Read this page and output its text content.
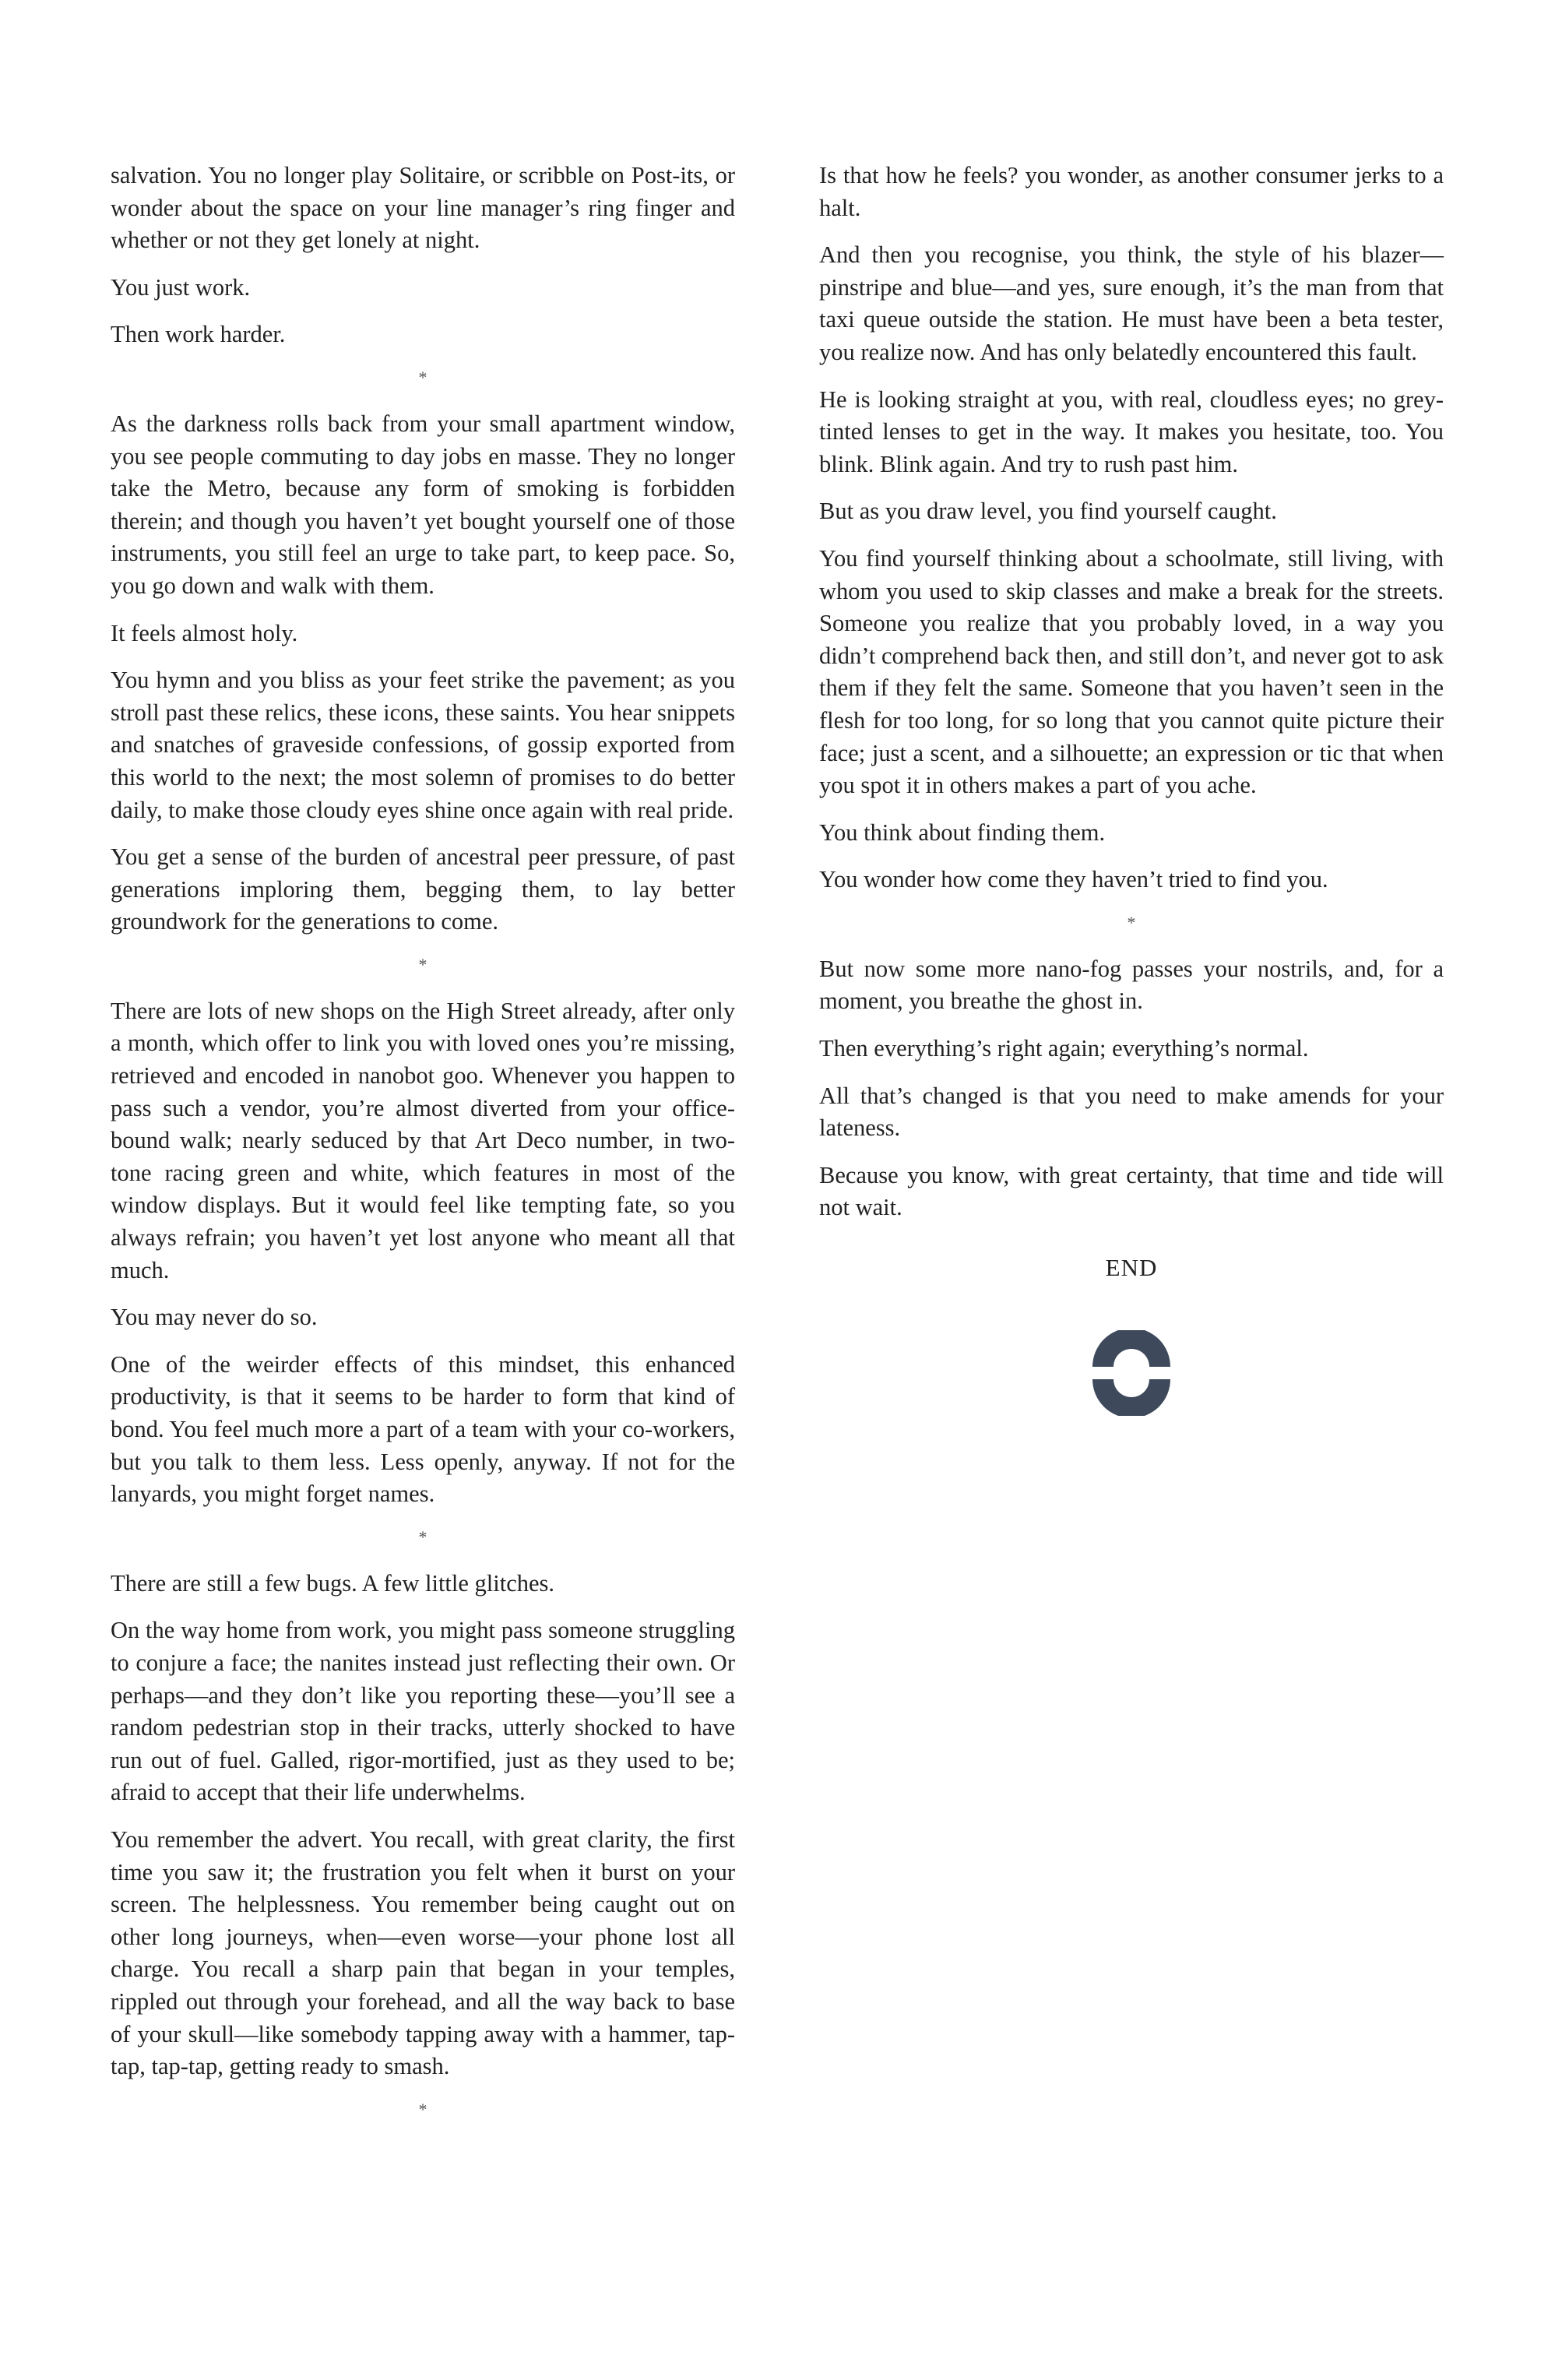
salvation. You no longer play Solitaire, or scribble on Post-its, or wonder about the space on your line manager’s ring finger and whether or not they get lonely at night.

You just work.

Then work harder.

*

As the darkness rolls back from your small apartment window, you see people commuting to day jobs en masse. They no longer take the Metro, because any form of smoking is forbidden therein; and though you haven’t yet bought yourself one of those instruments, you still feel an urge to take part, to keep pace. So, you go down and walk with them.

It feels almost holy.

You hymn and you bliss as your feet strike the pavement; as you stroll past these relics, these icons, these saints. You hear snippets and snatches of graveside confessions, of gossip exported from this world to the next; the most solemn of promises to do better daily, to make those cloudy eyes shine once again with real pride.

You get a sense of the burden of ancestral peer pressure, of past generations imploring them, begging them, to lay better groundwork for the generations to come.

*

There are lots of new shops on the High Street already, after only a month, which offer to link you with loved ones you’re missing, retrieved and encoded in nanobot goo. Whenever you happen to pass such a vendor, you’re almost diverted from your office-bound walk; nearly seduced by that Art Deco number, in two-tone racing green and white, which features in most of the window displays. But it would feel like tempting fate, so you always refrain; you haven’t yet lost anyone who meant all that much.

You may never do so.

One of the weirder effects of this mindset, this enhanced productivity, is that it seems to be harder to form that kind of bond. You feel much more a part of a team with your co-workers, but you talk to them less. Less openly, anyway. If not for the lanyards, you might forget names.

*

There are still a few bugs. A few little glitches.

On the way home from work, you might pass someone struggling to conjure a face; the nanites instead just reflecting their own. Or perhaps—and they don’t like you reporting these—you’ll see a random pedestrian stop in their tracks, utterly shocked to have run out of fuel. Galled, rigor-mortified, just as they used to be; afraid to accept that their life underwhelms.

You remember the advert. You recall, with great clarity, the first time you saw it; the frustration you felt when it burst on your screen. The helplessness. You remember being caught out on other long journeys, when—even worse—your phone lost all charge. You recall a sharp pain that began in your temples, rippled out through your forehead, and all the way back to base of your skull—like somebody tapping away with a hammer, tap-tap, tap-tap, getting ready to smash.

*

Is that how he feels? you wonder, as another consumer jerks to a halt.

And then you recognise, you think, the style of his blazer—pinstripe and blue—and yes, sure enough, it’s the man from that taxi queue outside the station. He must have been a beta tester, you realize now. And has only belatedly encountered this fault.

He is looking straight at you, with real, cloudless eyes; no grey-tinted lenses to get in the way. It makes you hesitate, too. You blink. Blink again. And try to rush past him.

But as you draw level, you find yourself caught.

You find yourself thinking about a schoolmate, still living, with whom you used to skip classes and make a break for the streets. Someone you realize that you probably loved, in a way you didn’t comprehend back then, and still don’t, and never got to ask them if they felt the same. Someone that you haven’t seen in the flesh for too long, for so long that you cannot quite picture their face; just a scent, and a silhouette; an expression or tic that when you spot it in others makes a part of you ache.

You think about finding them.

You wonder how come they haven’t tried to find you.

*

But now some more nano-fog passes your nostrils, and, for a moment, you breathe the ghost in.

Then everything’s right again; everything’s normal.

All that’s changed is that you need to make amends for your lateness.

Because you know, with great certainty, that time and tide will not wait.

END
